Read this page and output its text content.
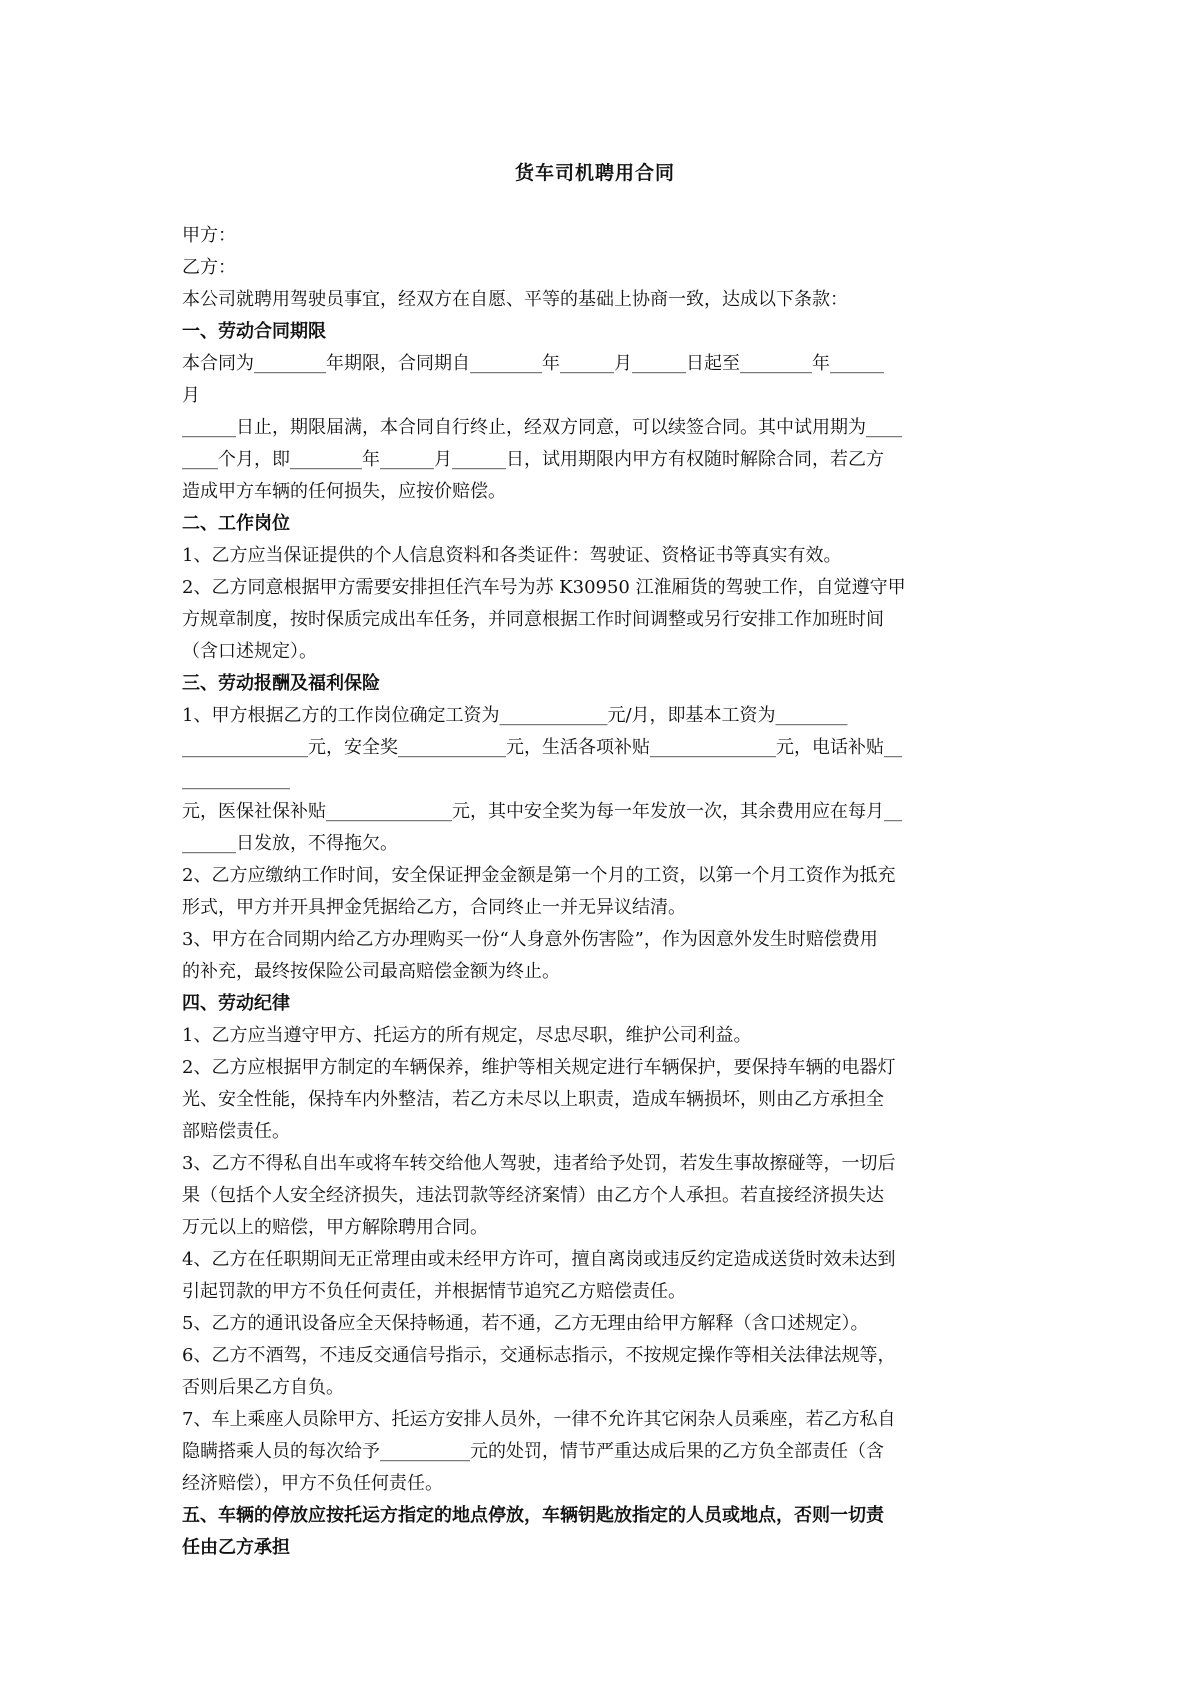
货车司机聘用合同
甲方：
乙方：
本公司就聘用驾驶员事宜，经双方在自愿、平等的基础上协商一致，达成以下条款：
一、劳动合同期限
本合同为________年期限，合同期自________年______月______日起至________年______
月
______日止，期限届满，本合同自行终止，经双方同意，可以续签合同。其中试用期为____
____个月，即________年______月______日，试用期限内甲方有权随时解除合同，若乙方
造成甲方车辆的任何损失，应按价赔偿。
二、工作岗位
1、乙方应当保证提供的个人信息资料和各类证件：驾驶证、资格证书等真实有效。
2、乙方同意根据甲方需要安排担任汽车号为苏 K30950 江淮厢货的驾驶工作，自觉遵守甲
方规章制度，按时保质完成出车任务，并同意根据工作时间调整或另行安排工作加班时间
（含口述规定）。
三、劳动报酬及福利保险
1、甲方根据乙方的工作岗位确定工资为____________元/月，即基本工资为________
______________元，安全奖____________元，生活各项补贴______________元，电话补贴__
____________
元，医保社保补贴______________元，其中安全奖为每一年发放一次，其余费用应在每月__
______日发放，不得拖欠。
2、乙方应缴纳工作时间，安全保证押金金额是第一个月的工资，以第一个月工资作为抵充
形式，甲方并开具押金凭据给乙方，合同终止一并无异议结清。
3、甲方在合同期内给乙方办理购买一份“人身意外伤害险”，作为因意外发生时赔偿费用
的补充，最终按保险公司最高赔偿金额为终止。
四、劳动纪律
1、乙方应当遵守甲方、托运方的所有规定，尽忠尽职，维护公司利益。
2、乙方应根据甲方制定的车辆保养，维护等相关规定进行车辆保护，要保持车辆的电器灯
光、安全性能，保持车内外整洁，若乙方未尽以上职责，造成车辆损坏，则由乙方承担全
部赔偿责任。
3、乙方不得私自出车或将车转交给他人驾驶，违者给予处罚，若发生事故擦碰等，一切后
果（包括个人安全经济损失，违法罚款等经济案情）由乙方个人承担。若直接经济损失达
万元以上的赔偿，甲方解除聘用合同。
4、乙方在任职期间无正常理由或未经甲方许可，擅自离岗或违反约定造成送货时效未达到
引起罚款的甲方不负任何责任，并根据情节追究乙方赔偿责任。
5、乙方的通讯设备应全天保持畅通，若不通，乙方无理由给甲方解释（含口述规定）。
6、乙方不酒驾，不违反交通信号指示，交通标志指示，不按规定操作等相关法律法规等，
否则后果乙方自负。
7、车上乘座人员除甲方、托运方安排人员外，一律不允许其它闲杂人员乘座，若乙方私自
隐瞒搭乘人员的每次给予__________元的处罚，情节严重达成后果的乙方负全部责任（含
经济赔偿），甲方不负任何责任。
五、车辆的停放应按托运方指定的地点停放，车辆钥匙放指定的人员或地点，否则一切责
任由乙方承担
